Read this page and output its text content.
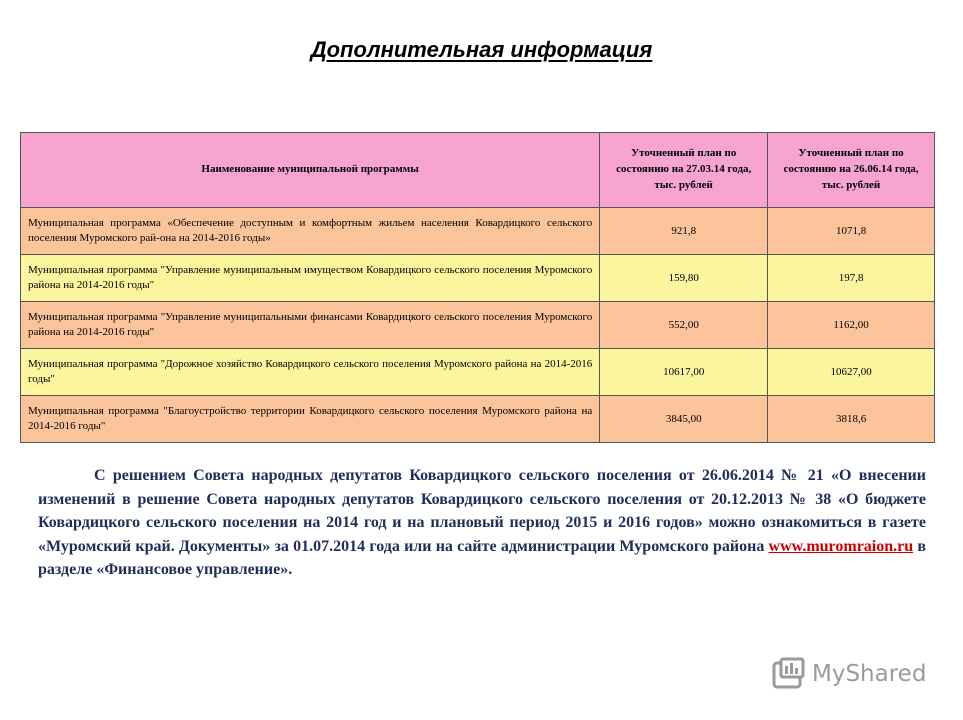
Дополнительная информация
Наименование муниципальной программы	Уточненный план по состоянию на 27.03.14 года, тыс. рублей	Уточненный план по состоянию на 26.06.14 года, тыс. рублей
Муниципальная программа «Обеспечение доступным и комфортным жильем населения Ковардицкого сельского поселения Муромского рай-она на 2014-2016 годы»	921,8	1071,8
Муниципальная программа "Управление муниципальным имуществом Ковардицкого сельского поселения Муромского района на 2014-2016 годы"	159,80	197,8
Муниципальная программа "Управление муниципальными финансами Ковардицкого сельского поселения Муромского района на 2014-2016 годы"	552,00	1162,00
Муниципальная программа "Дорожное хозяйство Ковардицкого сельского поселения Муромского района на 2014-2016 годы"	10617,00	10627,00
Муниципальная программа "Благоустройство территории Ковардицкого сельского поселения Муромского района на 2014-2016 годы"	3845,00	3818,6

С решением Совета народных депутатов Ковардицкого сельского поселения от 26.06.2014 № 21 «О внесении изменений в решение Совета народных депутатов Ковардицкого сельского поселения от 20.12.2013 № 38 «О бюджете Ковардицкого сельского поселения на 2014 год и на плановый период 2015 и 2016 годов» можно ознакомиться в газете «Муромский край. Документы» за 01.07.2014 года или на сайте администрации Муромского района www.muromraion.ru в разделе «Финансовое управление».

MyShared
